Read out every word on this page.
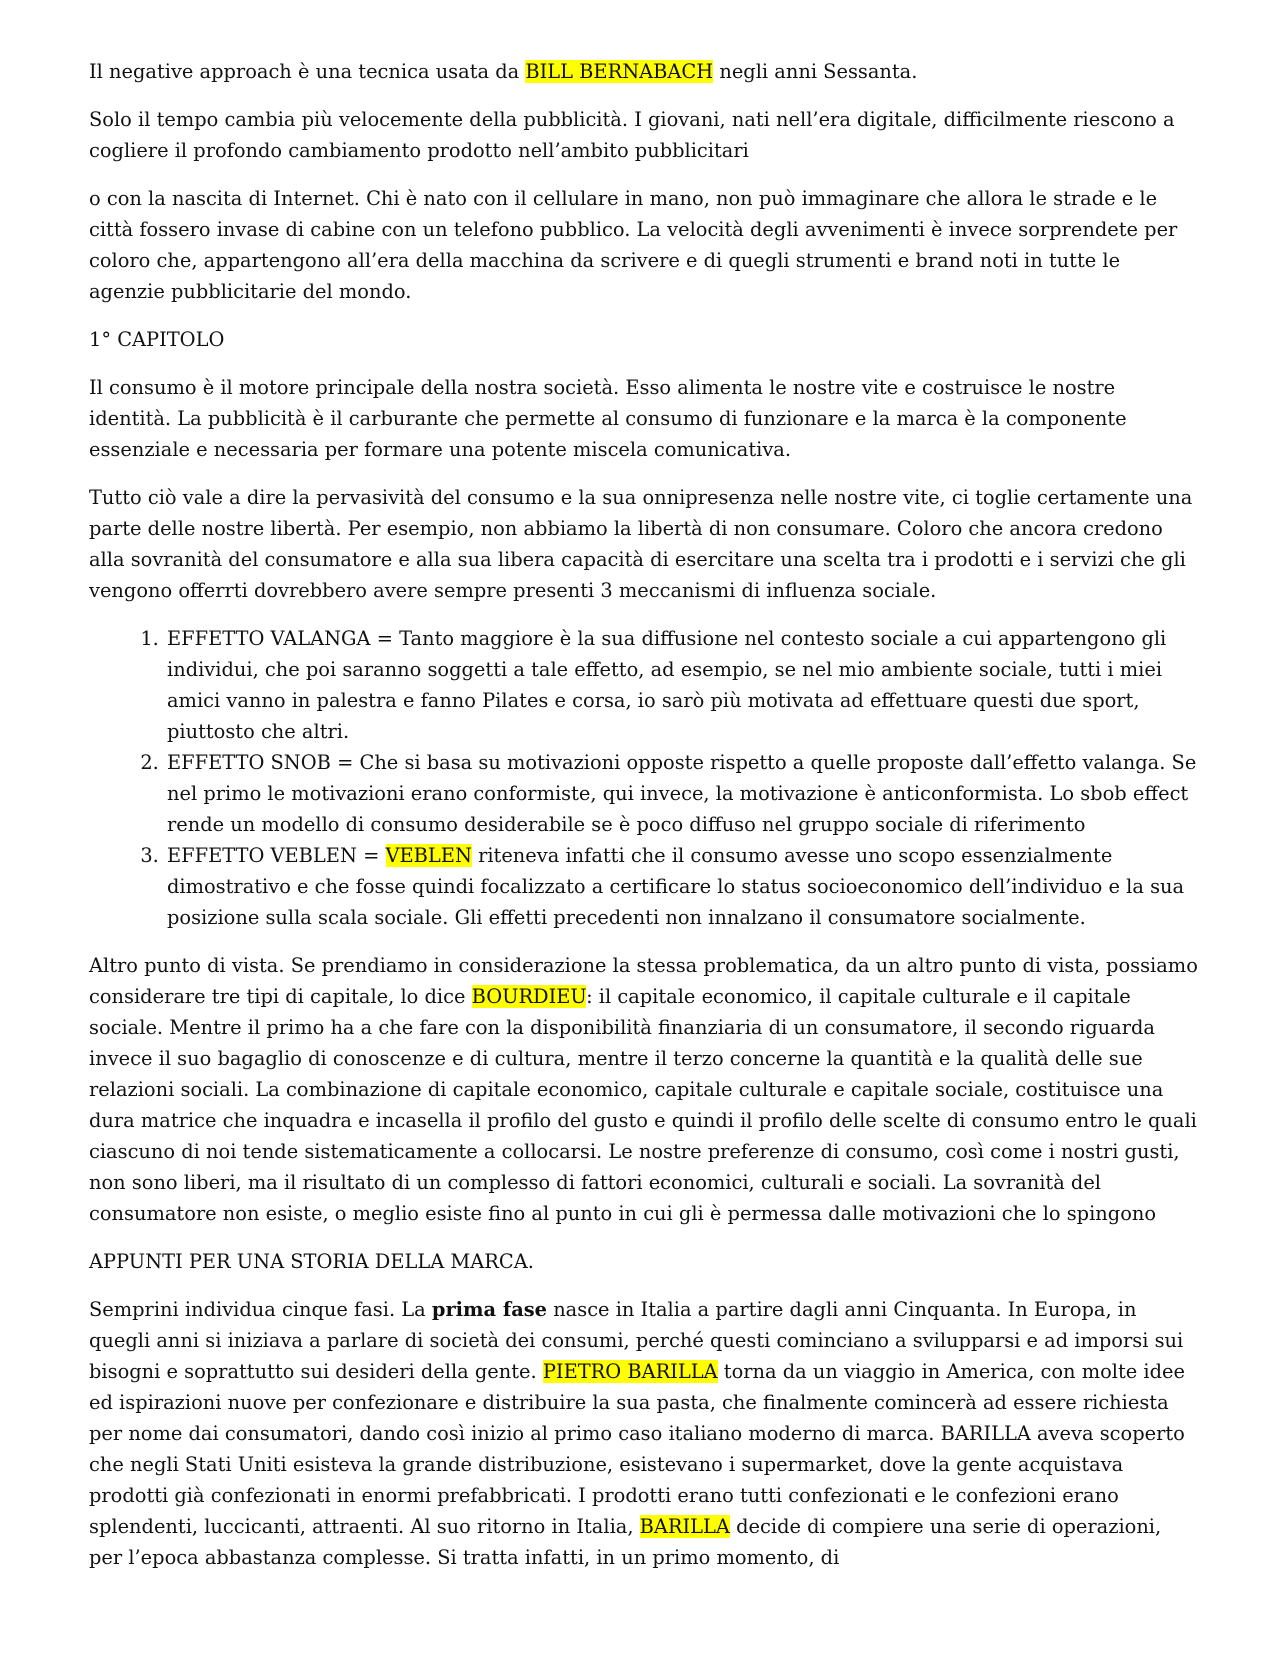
Il negative approach è una tecnica usata da BILL BERNABACH negli anni Sessanta.

Solo il tempo cambia più velocemente della pubblicità. I giovani, nati nell’era digitale, difficilmente riescono a cogliere il profondo cambiamento prodotto nell’ambito pubblicitari

o con la nascita di Internet. Chi è nato con il cellulare in mano, non può immaginare che allora le strade e le città fossero invase di cabine con un telefono pubblico. La velocità degli avvenimenti è invece sorprendete per coloro che, appartengono all’era della macchina da scrivere e di quegli strumenti e brand noti in tutte le agenzie pubblicitarie del mondo.

1° CAPITOLO

Il consumo è il motore principale della nostra società. Esso alimenta le nostre vite e costruisce le nostre identità. La pubblicità è il carburante che permette al consumo di funzionare e la marca è la componente essenziale e necessaria per formare una potente miscela comunicativa.

Tutto ciò vale a dire la pervasività del consumo e la sua onnipresenza nelle nostre vite, ci toglie certamente una parte delle nostre libertà. Per esempio, non abbiamo la libertà di non consumare. Coloro che ancora credono alla sovranità del consumatore e alla sua libera capacità di esercitare una scelta tra i prodotti e i servizi che gli vengono offerrti dovrebbero avere sempre presenti 3 meccanismi di influenza sociale.

1. EFFETTO VALANGA = Tanto maggiore è la sua diffusione nel contesto sociale a cui appartengono gli individui, che poi saranno soggetti a tale effetto, ad esempio, se nel mio ambiente sociale, tutti i miei amici vanno in palestra e fanno Pilates e corsa, io sarò più motivata ad effettuare questi due sport, piuttosto che altri.
2. EFFETTO SNOB = Che si basa su motivazioni opposte rispetto a quelle proposte dall’effetto valanga. Se nel primo le motivazioni erano conformiste, qui invece, la motivazione è anticonformista. Lo sbob effect rende un modello di consumo desiderabile se è poco diffuso nel gruppo sociale di riferimento
3. EFFETTO VEBLEN = VEBLEN riteneva infatti che il consumo avesse uno scopo essenzialmente dimostrativo e che fosse quindi focalizzato a certificare lo status socioeconomico dell’individuo e la sua posizione sulla scala sociale. Gli effetti precedenti non innalzano il consumatore socialmente.

Altro punto di vista. Se prendiamo in considerazione la stessa problematica, da un altro punto di vista, possiamo considerare tre tipi di capitale, lo dice BOURDIEU: il capitale economico, il capitale culturale e il capitale sociale. Mentre il primo ha a che fare con la disponibilità finanziaria di un consumatore, il secondo riguarda invece il suo bagaglio di conoscenze e di cultura, mentre il terzo concerne la quantità e la qualità delle sue relazioni sociali. La combinazione di capitale economico, capitale culturale e capitale sociale, costituisce una dura matrice che inquadra e incasella il profilo del gusto e quindi il profilo delle scelte di consumo entro le quali ciascuno di noi tende sistematicamente a collocarsi. Le nostre preferenze di consumo, così come i nostri gusti, non sono liberi, ma il risultato di un complesso di fattori economici, culturali e sociali. La sovranità del consumatore non esiste, o meglio esiste fino al punto in cui gli è permessa dalle motivazioni che lo spingono

APPUNTI PER UNA STORIA DELLA MARCA.

Semprini individua cinque fasi. La prima fase nasce in Italia a partire dagli anni Cinquanta. In Europa, in quegli anni si iniziava a parlare di società dei consumi, perché questi cominciano a svilupparsi e ad imporsi sui bisogni e soprattutto sui desideri della gente. PIETRO BARILLA torna da un viaggio in America, con molte idee ed ispirazioni nuove per confezionare e distribuire la sua pasta, che finalmente comincerà ad essere richiesta per nome dai consumatori, dando così inizio al primo caso italiano moderno di marca. BARILLA aveva scoperto che negli Stati Uniti esisteva la grande distribuzione, esistevano i supermarket, dove la gente acquistava prodotti già confezionati in enormi prefabbricati. I prodotti erano tutti confezionati e le confezioni erano splendenti, luccicanti, attraenti. Al suo ritorno in Italia, BARILLA decide di compiere una serie di operazioni, per l’epoca abbastanza complesse. Si tratta infatti, in un primo momento, di
